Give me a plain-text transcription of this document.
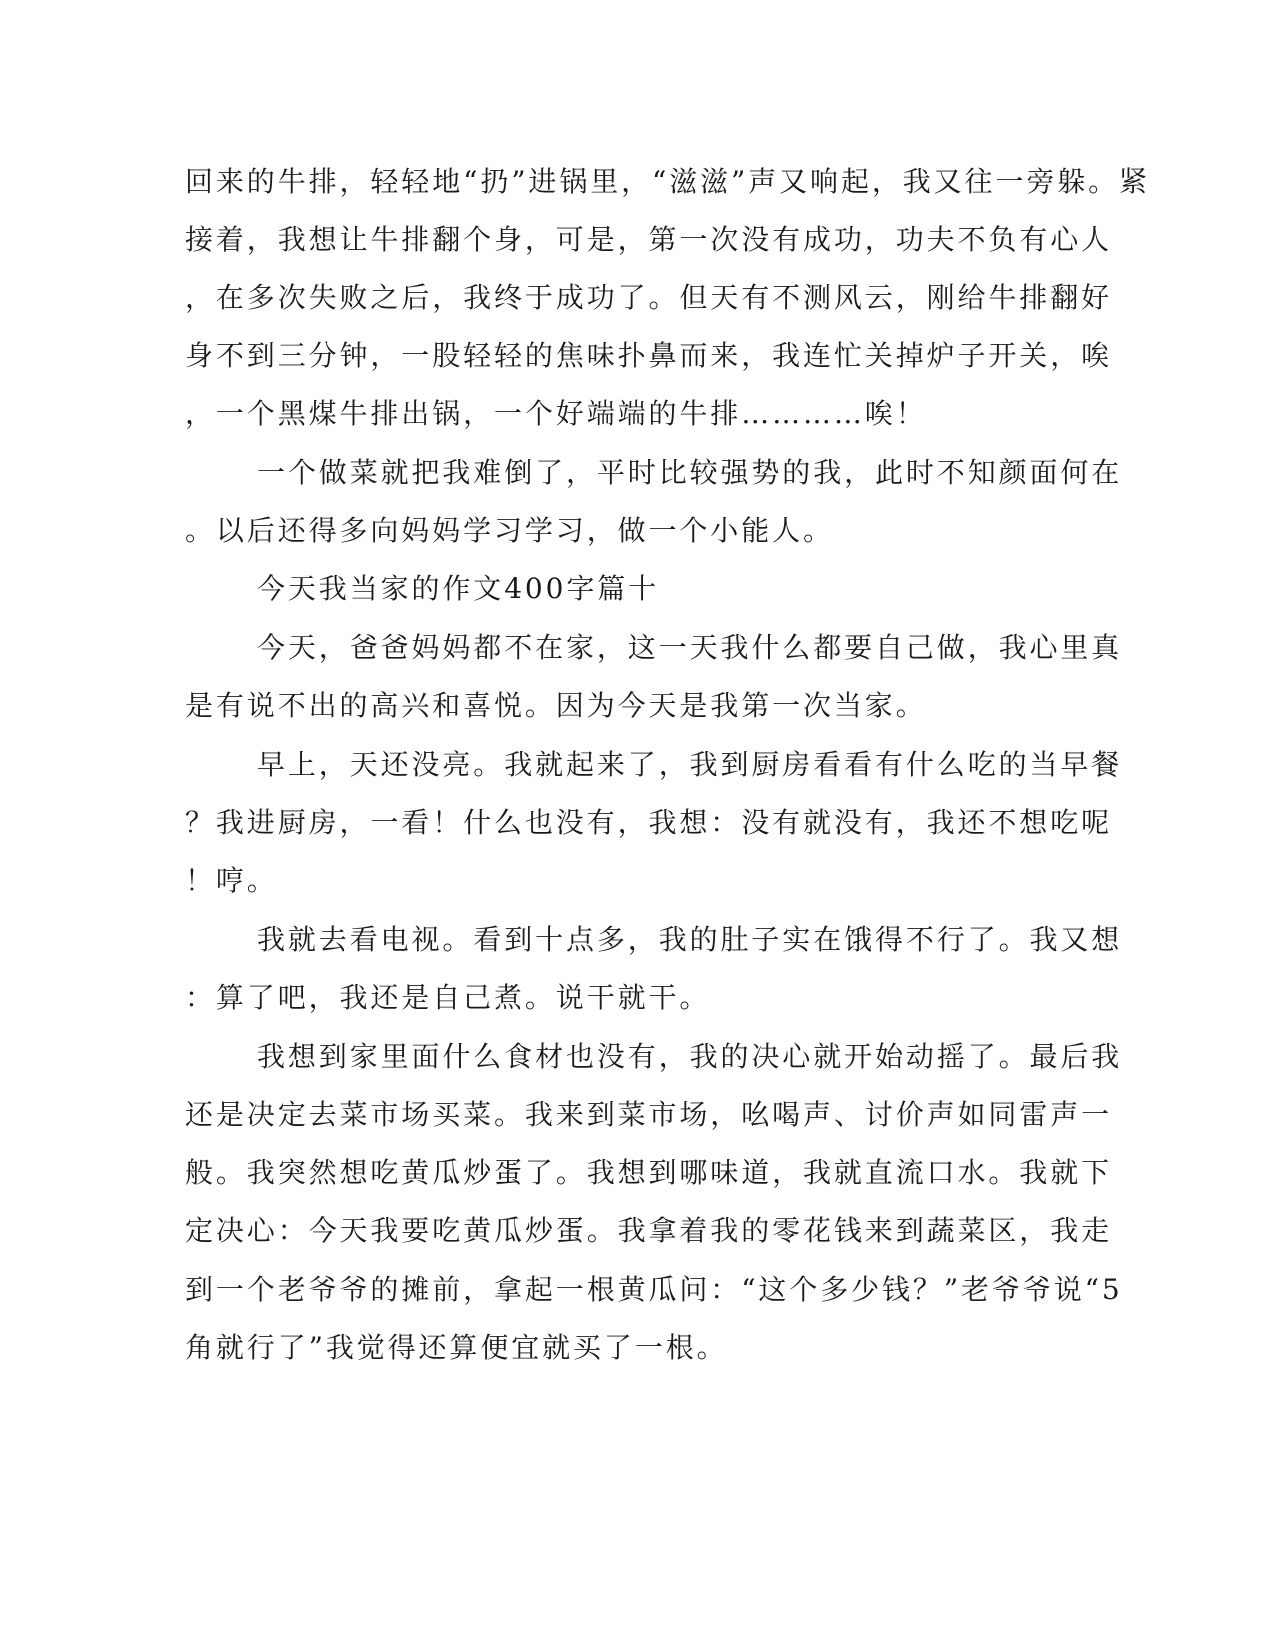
回来的牛排，轻轻地“扔”进锅里，“滋滋”声又响起，我又往一旁躲。紧
接着，我想让牛排翻个身，可是，第一次没有成功，功夫不负有心人
，在多次失败之后，我终于成功了。但天有不测风云，刚给牛排翻好
身不到三分钟，一股轻轻的焦味扑鼻而来，我连忙关掉炉子开关，唉
，一个黑煤牛排出锅，一个好端端的牛排…………唉！
一个做菜就把我难倒了，平时比较强势的我，此时不知颜面何在
。以后还得多向妈妈学习学习，做一个小能人。
今天我当家的作文400字篇十
今天，爸爸妈妈都不在家，这一天我什么都要自己做，我心里真
是有说不出的高兴和喜悦。因为今天是我第一次当家。
早上，天还没亮。我就起来了，我到厨房看看有什么吃的当早餐
？我进厨房，一看！什么也没有，我想：没有就没有，我还不想吃呢
！哼。
我就去看电视。看到十点多，我的肚子实在饿得不行了。我又想
：算了吧，我还是自己煮。说干就干。
我想到家里面什么食材也没有，我的决心就开始动摇了。最后我
还是决定去菜市场买菜。我来到菜市场，吆喝声、讨价声如同雷声一
般。我突然想吃黄瓜炒蛋了。我想到哪味道，我就直流口水。我就下
定决心：今天我要吃黄瓜炒蛋。我拿着我的零花钱来到蔬菜区，我走
到一个老爷爷的摊前，拿起一根黄瓜问：“这个多少钱？”老爷爷说“5
角就行了”我觉得还算便宜就买了一根。
